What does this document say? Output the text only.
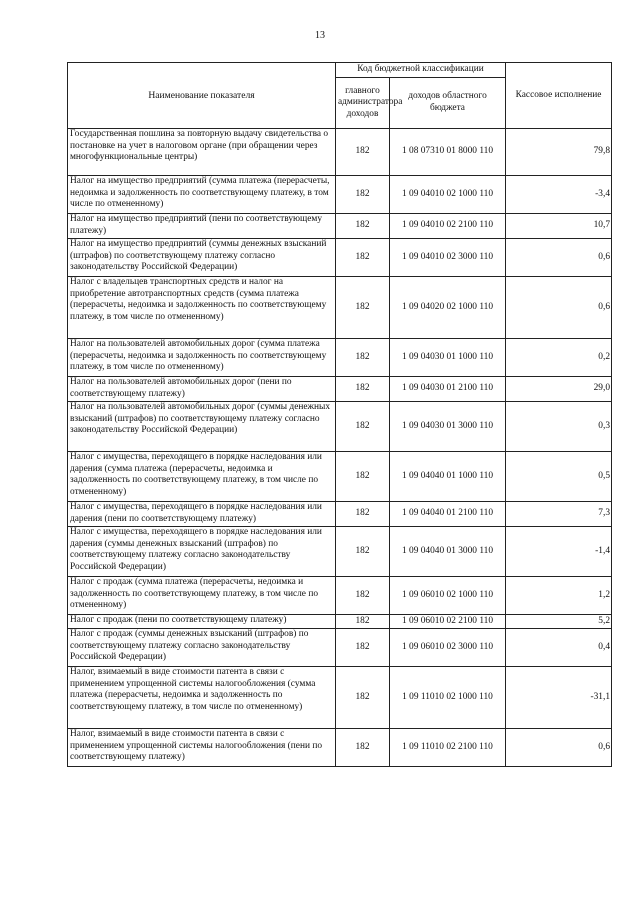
13
Наименование показателя	Код бюджетной классификации		Кассовое исполнение
	главного администратора доходов	доходов областного бюджета	
Государственная пошлина за повторную выдачу свидетельства о постановке на учет в налоговом органе (при обращении через многофункциональные центры)	182	1 08 07310 01 8000 110	79,8
Налог на имущество предприятий (сумма платежа (перерасчеты, недоимка и задолженность по соответствующему платежу, в том числе по отмененному)	182	1 09 04010 02 1000 110	-3,4
Налог на имущество предприятий (пени по соответствующему платежу)	182	1 09 04010 02 2100 110	10,7
Налог на имущество предприятий (суммы денежных взысканий (штрафов) по соответствующему платежу согласно законодательству Российской Федерации)	182	1 09 04010 02 3000 110	0,6
Налог с владельцев транспортных средств и налог на приобретение автотранспортных средств (сумма платежа (перерасчеты, недоимка и задолженность по соответствующему платежу, в том числе по отмененному)	182	1 09 04020 02 1000 110	0,6
Налог на пользователей автомобильных дорог (сумма платежа (перерасчеты, недоимка и задолженность по соответствующему платежу, в том числе по отмененному)	182	1 09 04030 01 1000 110	0,2
Налог на пользователей автомобильных дорог (пени по соответствующему платежу)	182	1 09 04030 01 2100 110	29,0
Налог на пользователей автомобильных дорог (суммы денежных взысканий (штрафов) по соответствующему платежу согласно законодательству Российской Федерации)	182	1 09 04030 01 3000 110	0,3
Налог с имущества, переходящего в порядке наследования или дарения (сумма платежа (перерасчеты, недоимка и задолженность по соответствующему платежу, в том числе по отмененному)	182	1 09 04040 01 1000 110	0,5
Налог с имущества, переходящего в порядке наследования или дарения (пени по соответствующему платежу)	182	1 09 04040 01 2100 110	7,3
Налог с имущества, переходящего в порядке наследования или дарения (суммы денежных взысканий (штрафов) по соответствующему платежу согласно законодательству Российской Федерации)	182	1 09 04040 01 3000 110	-1,4
Налог с продаж (сумма платежа (перерасчеты, недоимка и задолженность по соответствующему платежу, в том числе по отмененному)	182	1 09 06010 02 1000 110	1,2
Налог с продаж (пени по соответствующему платежу)	182	1 09 06010 02 2100 110	5,2
Налог с продаж (суммы денежных взысканий (штрафов) по соответствующему платежу согласно законодательству Российской Федерации)	182	1 09 06010 02 3000 110	0,4
Налог, взимаемый в виде стоимости патента в связи с применением упрощенной системы налогообложения (сумма платежа (перерасчеты, недоимка и задолженность по соответствующему платежу, в том числе по отмененному)	182	1 09 11010 02 1000 110	-31,1
Налог, взимаемый в виде стоимости патента в связи с применением упрощенной системы налогообложения (пени по соответствующему платежу)	182	1 09 11010 02 2100 110	0,6
